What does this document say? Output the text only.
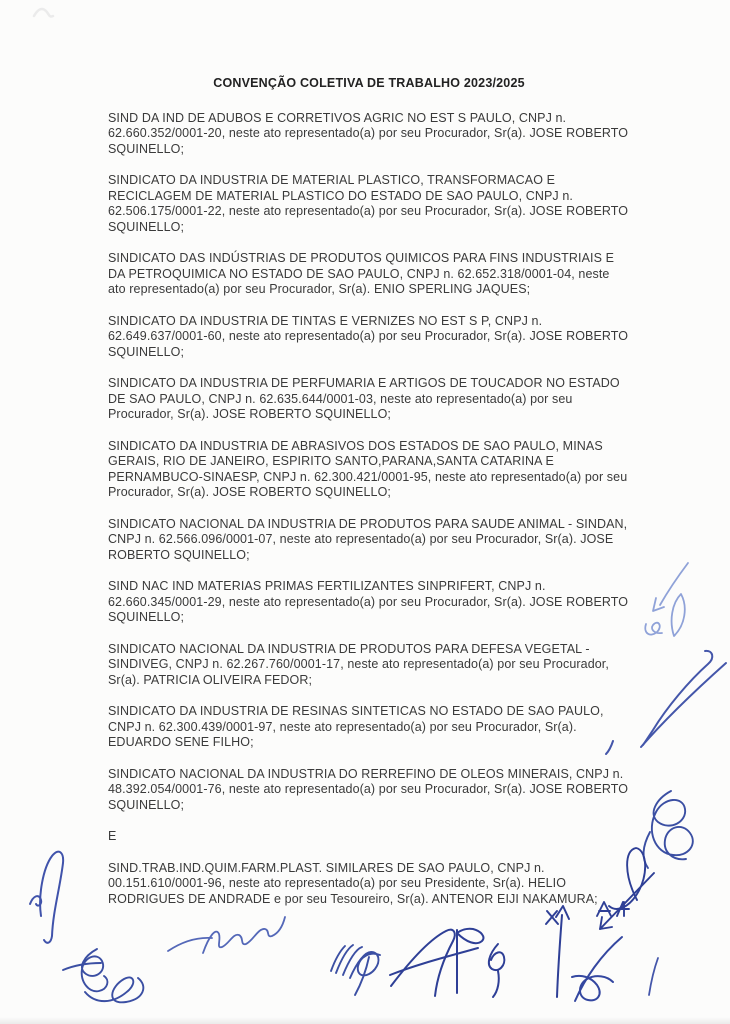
CONVENÇÃO COLETIVA DE TRABALHO 2023/2025

SIND DA IND DE ADUBOS E CORRETIVOS AGRIC NO EST S PAULO, CNPJ n. 62.660.352/0001-20, neste ato representado(a) por seu Procurador, Sr(a). JOSE ROBERTO SQUINELLO;

SINDICATO DA INDUSTRIA DE MATERIAL PLASTICO, TRANSFORMACAO E RECICLAGEM DE MATERIAL PLASTICO DO ESTADO DE SAO PAULO, CNPJ n. 62.506.175/0001-22, neste ato representado(a) por seu Procurador, Sr(a). JOSE ROBERTO SQUINELLO;

SINDICATO DAS INDÚSTRIAS DE PRODUTOS QUIMICOS PARA FINS INDUSTRIAIS E DA PETROQUIMICA NO ESTADO DE SAO PAULO, CNPJ n. 62.652.318/0001-04, neste ato representado(a) por seu Procurador, Sr(a). ENIO SPERLING JAQUES;

SINDICATO DA INDUSTRIA DE TINTAS E VERNIZES NO EST S P, CNPJ n. 62.649.637/0001-60, neste ato representado(a) por seu Procurador, Sr(a). JOSE ROBERTO SQUINELLO;

SINDICATO DA INDUSTRIA DE PERFUMARIA E ARTIGOS DE TOUCADOR NO ESTADO DE SAO PAULO, CNPJ n. 62.635.644/0001-03, neste ato representado(a) por seu Procurador, Sr(a). JOSE ROBERTO SQUINELLO;

SINDICATO DA INDUSTRIA DE ABRASIVOS DOS ESTADOS DE SAO PAULO, MINAS GERAIS, RIO DE JANEIRO, ESPIRITO SANTO,PARANA,SANTA CATARINA E PERNAMBUCO-SINAESP, CNPJ n. 62.300.421/0001-95, neste ato representado(a) por seu Procurador, Sr(a). JOSE ROBERTO SQUINELLO;

SINDICATO NACIONAL DA INDUSTRIA DE PRODUTOS PARA SAUDE ANIMAL - SINDAN, CNPJ n. 62.566.096/0001-07, neste ato representado(a) por seu Procurador, Sr(a). JOSE ROBERTO SQUINELLO;

SIND NAC IND MATERIAS PRIMAS FERTILIZANTES SINPRIFERT, CNPJ n. 62.660.345/0001-29, neste ato representado(a) por seu Procurador, Sr(a). JOSE ROBERTO SQUINELLO;

SINDICATO NACIONAL DA INDUSTRIA DE PRODUTOS PARA DEFESA VEGETAL - SINDIVEG, CNPJ n. 62.267.760/0001-17, neste ato representado(a) por seu Procurador, Sr(a). PATRICIA OLIVEIRA FEDOR;

SINDICATO DA INDUSTRIA DE RESINAS SINTETICAS NO ESTADO DE SAO PAULO, CNPJ n. 62.300.439/0001-97, neste ato representado(a) por seu Procurador, Sr(a). EDUARDO SENE FILHO;

SINDICATO NACIONAL DA INDUSTRIA DO RERREFINO DE OLEOS MINERAIS, CNPJ n. 48.392.054/0001-76, neste ato representado(a) por seu Procurador, Sr(a). JOSE ROBERTO SQUINELLO;

E

SIND.TRAB.IND.QUIM.FARM.PLAST. SIMILARES DE SAO PAULO, CNPJ n. 00.151.610/0001-96, neste ato representado(a) por seu Presidente, Sr(a). HELIO RODRIGUES DE ANDRADE e por seu Tesoureiro, Sr(a). ANTENOR EIJI NAKAMURA;
